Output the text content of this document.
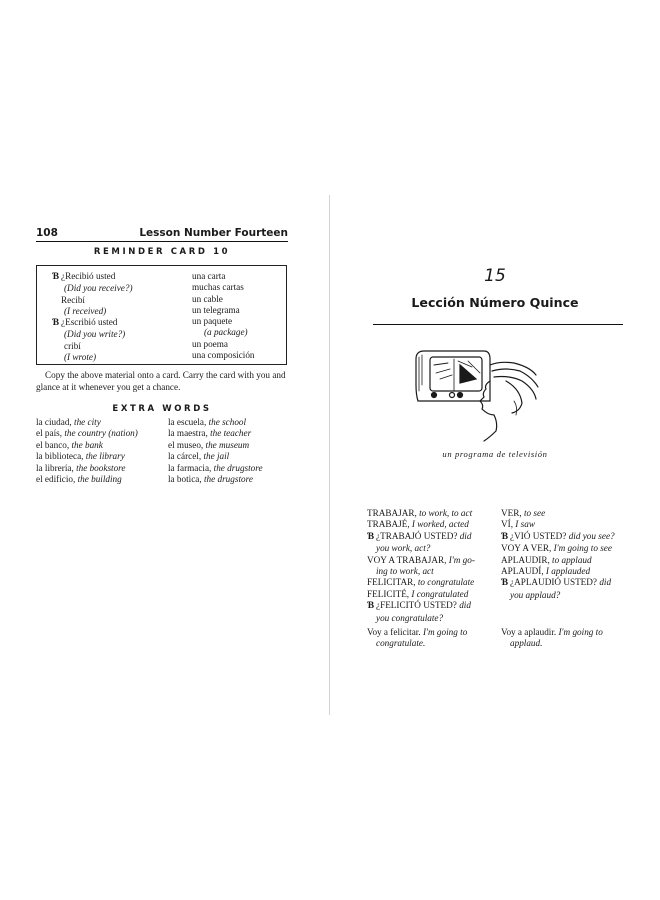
108	Lesson Number Fourteen
REMINDER CARD 10
Ɓ ¿Recibió usted
(Did you receive?)
Recibí
(I received)
Ɓ ¿Escribió usted
(Did you write?)
cribí
(I wrote)
una carta
muchas cartas
un cable
un telegrama
un paquete
(a package)
un poema
una composición
Copy the above material onto a card. Carry the card with you and glance at it whenever you get a chance.
EXTRA WORDS
la ciudad, the city
el país, the country (nation)
el banco, the bank
la biblioteca, the library
la librería, the bookstore
el edificio, the building
la escuela, the school
la maestra, the teacher
el museo, the museum
la cárcel, the jail
la farmacia, the drugstore
la botica, the drugstore
15
Lección Número Quince
un programa de televisión
TRABAJAR, to work, to act
TRABAJÉ, I worked, acted
Ɓ ¿TRABAJÓ USTED? did
you work, act?
VOY A TRABAJAR, I'm go-
ing to work, act
FELICITAR, to congratulate
FELICITÉ, I congratulated
Ɓ ¿FELICITÓ USTED? did
you congratulate?
VER, to see
VÍ, I saw
Ɓ ¿VIÓ USTED? did you see?
VOY A VER, I'm going to see
APLAUDIR, to applaud
APLAUDÍ, I applauded
Ɓ ¿APLAUDIÓ USTED? did
you applaud?
Voy a felicitar. I'm going to
congratulate.
Voy a aplaudir. I'm going to
applaud.
